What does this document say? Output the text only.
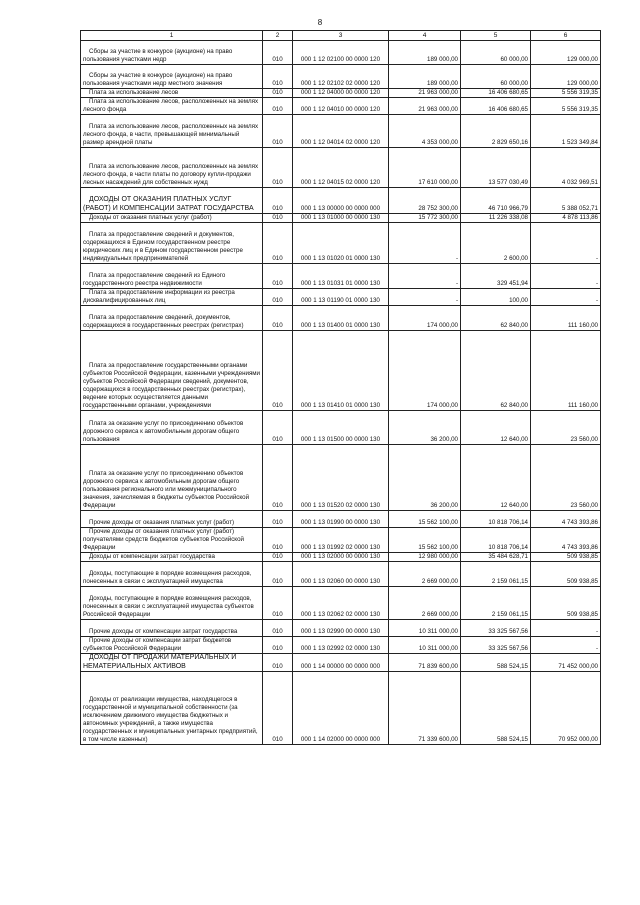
8
1	2	3	4	5	6

Сборы за участие в конкурсе (аукционе) на право пользования участками недр	010	000 1 12 02100 00 0000 120	189 000,00	60 000,00	129 000,00

Сборы за участие в конкурсе (аукционе) на право пользования участками недр местного значения	010	000 1 12 02102 02 0000 120	189 000,00	60 000,00	129 000,00

Плата за использование лесов	010	000 1 12 04000 00 0000 120	21 963 000,00	16 406 680,65	5 556 319,35

Плата за использование лесов, расположенных на землях лесного фонда	010	000 1 12 04010 00 0000 120	21 963 000,00	16 406 680,65	5 556 319,35

Плата за использование лесов, расположенных на землях лесного фонда, в части, превышающей минимальный размер арендной платы	010	000 1 12 04014 02 0000 120	4 353 000,00	2 829 650,16	1 523 349,84

Плата за использование лесов, расположенных на землях лесного фонда, в части платы по договору купли-продажи лесных насаждений для собственных нужд	010	000 1 12 04015 02 0000 120	17 610 000,00	13 577 030,49	4 032 969,51

ДОХОДЫ ОТ ОКАЗАНИЯ ПЛАТНЫХ УСЛУГ (РАБОТ) И КОМПЕНСАЦИИ ЗАТРАТ ГОСУДАРСТВА	010	000 1 13 00000 00 0000 000	28 752 300,00	46 710 966,79	5 388 052,71

Доходы от оказания платных услуг (работ)	010	000 1 13 01000 00 0000 130	15 772 300,00	11 226 338,08	4 878 113,86

Плата за предоставление сведений и документов, содержащихся в Едином государственном реестре юридических лиц и в Едином государственном реестре индивидуальных предпринимателей	010	000 1 13 01020 01 0000 130	-	2 600,00	-

Плата за предоставление сведений из Единого государственного реестра недвижимости	010	000 1 13 01031 01 0000 130	-	329 451,94	-

Плата за предоставление информации из реестра дисквалифицированных лиц	010	000 1 13 01190 01 0000 130	-	100,00	-

Плата за предоставление сведений, документов, содержащихся в государственных реестрах (регистрах)	010	000 1 13 01400 01 0000 130	174 000,00	62 840,00	111 160,00

Плата за предоставление государственными органами субъектов Российской Федерации, казенными учреждениями субъектов Российской Федерации сведений, документов, содержащихся в государственных реестрах (регистрах), ведение которых осуществляется данными государственными органами, учреждениями	010	000 1 13 01410 01 0000 130	174 000,00	62 840,00	111 160,00

Плата за оказание услуг по присоединению объектов дорожного сервиса к автомобильным дорогам общего пользования	010	000 1 13 01500 00 0000 130	36 200,00	12 640,00	23 560,00

Плата за оказание услуг по присоединению объектов дорожного сервиса к автомобильным дорогам общего пользования регионального или межмуниципального значения, зачисляемая в бюджеты субъектов Российской Федерации	010	000 1 13 01520 02 0000 130	36 200,00	12 640,00	23 560,00

Прочие доходы от оказания платных услуг (работ)	010	000 1 13 01990 00 0000 130	15 562 100,00	10 818 706,14	4 743 393,86

Прочие доходы от оказания платных услуг (работ) получателями средств бюджетов субъектов Российской Федерации	010	000 1 13 01992 02 0000 130	15 562 100,00	10 818 706,14	4 743 393,86

Доходы от компенсации затрат государства	010	000 1 13 02000 00 0000 130	12 980 000,00	35 484 628,71	509 938,85

Доходы, поступающие в порядке возмещения расходов, понесенных в связи с эксплуатацией имущества	010	000 1 13 02060 00 0000 130	2 669 000,00	2 159 061,15	509 938,85

Доходы, поступающие в порядке возмещения расходов, понесенных в связи с эксплуатацией имущества субъектов Российской Федерации	010	000 1 13 02062 02 0000 130	2 669 000,00	2 159 061,15	509 938,85

Прочие доходы от компенсации затрат государства	010	000 1 13 02990 00 0000 130	10 311 000,00	33 325 567,56	-

Прочие доходы от компенсации затрат бюджетов субъектов Российской Федерации	010	000 1 13 02992 02 0000 130	10 311 000,00	33 325 567,56	-

ДОХОДЫ ОТ ПРОДАЖИ МАТЕРИАЛЬНЫХ И НЕМАТЕРИАЛЬНЫХ АКТИВОВ	010	000 1 14 00000 00 0000 000	71 839 600,00	588 524,15	71 452 000,00

Доходы от реализации имущества, находящегося в государственной и муниципальной собственности (за исключением движимого имущества бюджетных и автономных учреждений, а также имущества государственных и муниципальных унитарных предприятий, в том числе казенных)	010	000 1 14 02000 00 0000 000	71 339 600,00	588 524,15	70 952 000,00
